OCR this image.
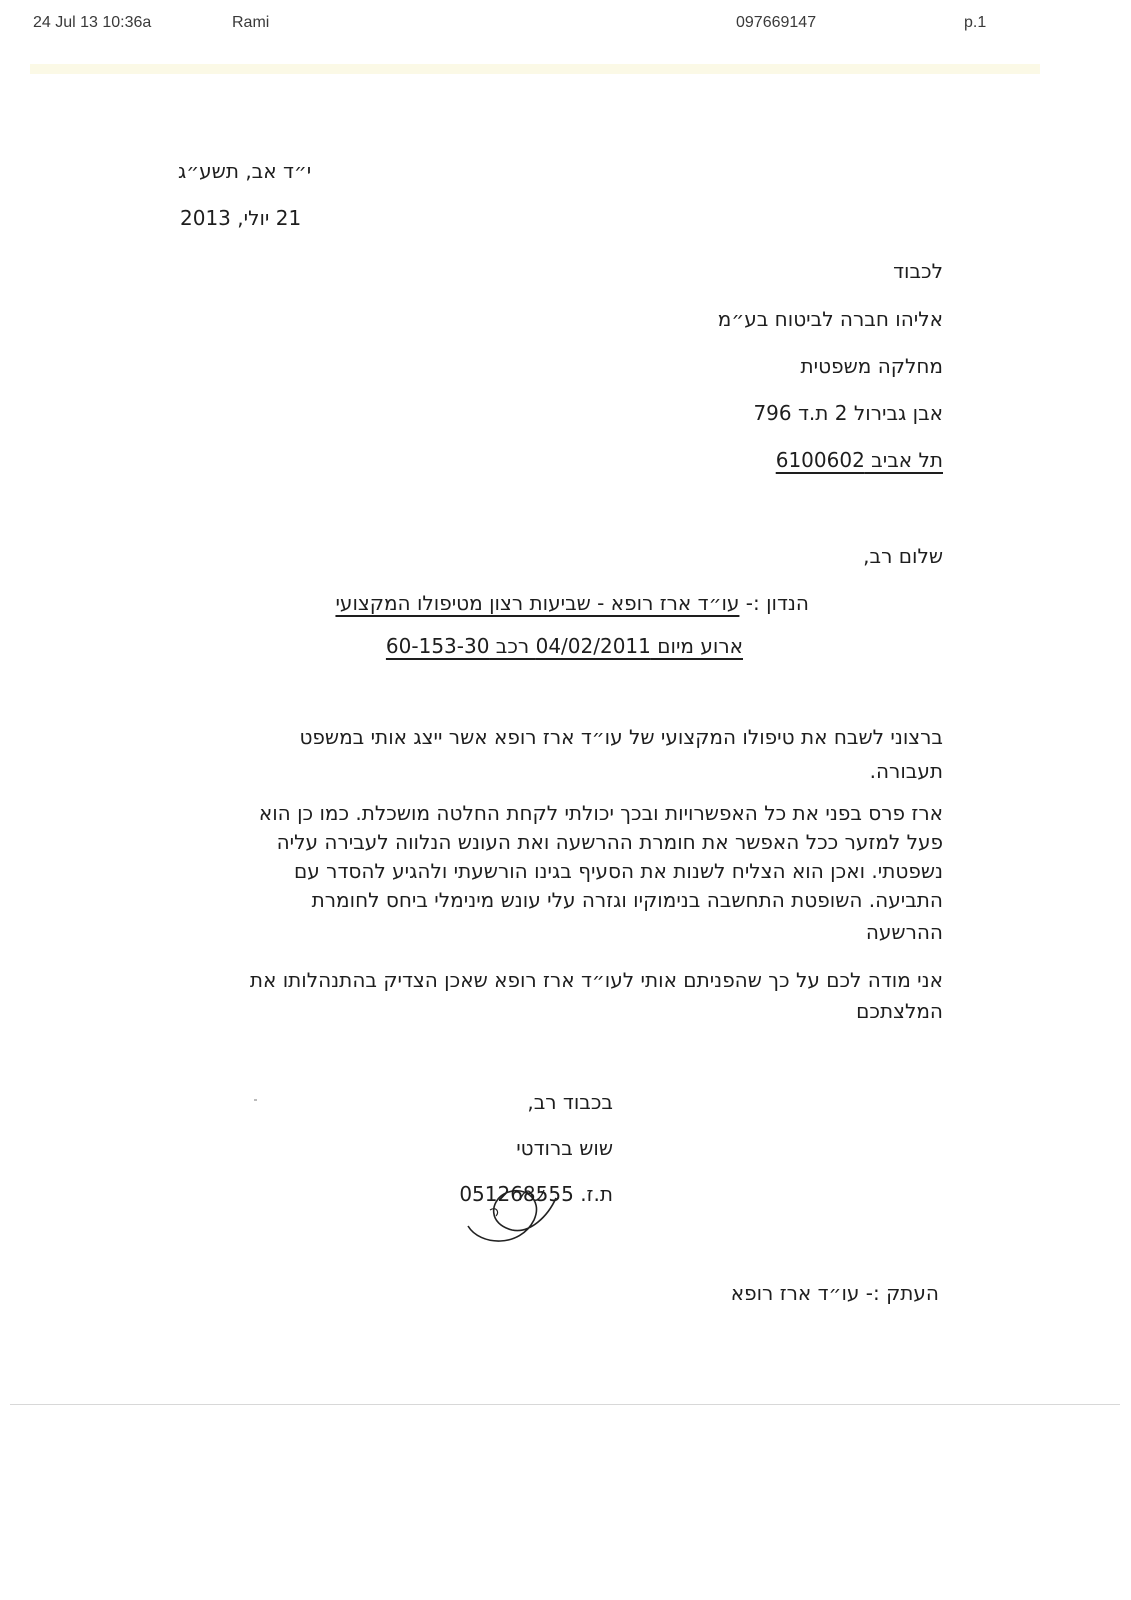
24 Jul 13 10:36a	Rami	097669147	p.1
י״ד אב, תשע״ג
21 יולי, 2013
לכבוד
אליהו חברה לביטוח בע״מ
מחלקה משפטית
אבן גבירול 2 ת.ד 796
תל אביב 6100602
שלום רב,
הנדון :- עו״ד ארז רופא - שביעות רצון מטיפולו המקצועי
ארוע מיום 04/02/2011 רכב 60-153-30
ברצוני לשבח את טיפולו המקצועי של עו״ד ארז רופא אשר ייצג אותי במשפט
תעבורה.
ארז פרס בפני את כל האפשרויות ובכך יכולתי לקחת החלטה מושכלת. כמו כן הוא
פעל למזער ככל האפשר את חומרת ההרשעה ואת העונש הנלווה לעבירה עליה
נשפטתי. ואכן הוא הצליח לשנות את הסעיף בגינו הורשעתי ולהגיע להסדר עם
התביעה. השופטת התחשבה בנימוקיו וגזרה עלי עונש מינימלי ביחס לחומרת
ההרשעה
אני מודה לכם על כך שהפניתם אותי לעו״ד ארז רופא שאכן הצדיק בהתנהלותו את
המלצתכם
בכבוד רב,
שוש ברודטי
ת.ז. 051268555
העתק :- עו״ד ארז רופא
